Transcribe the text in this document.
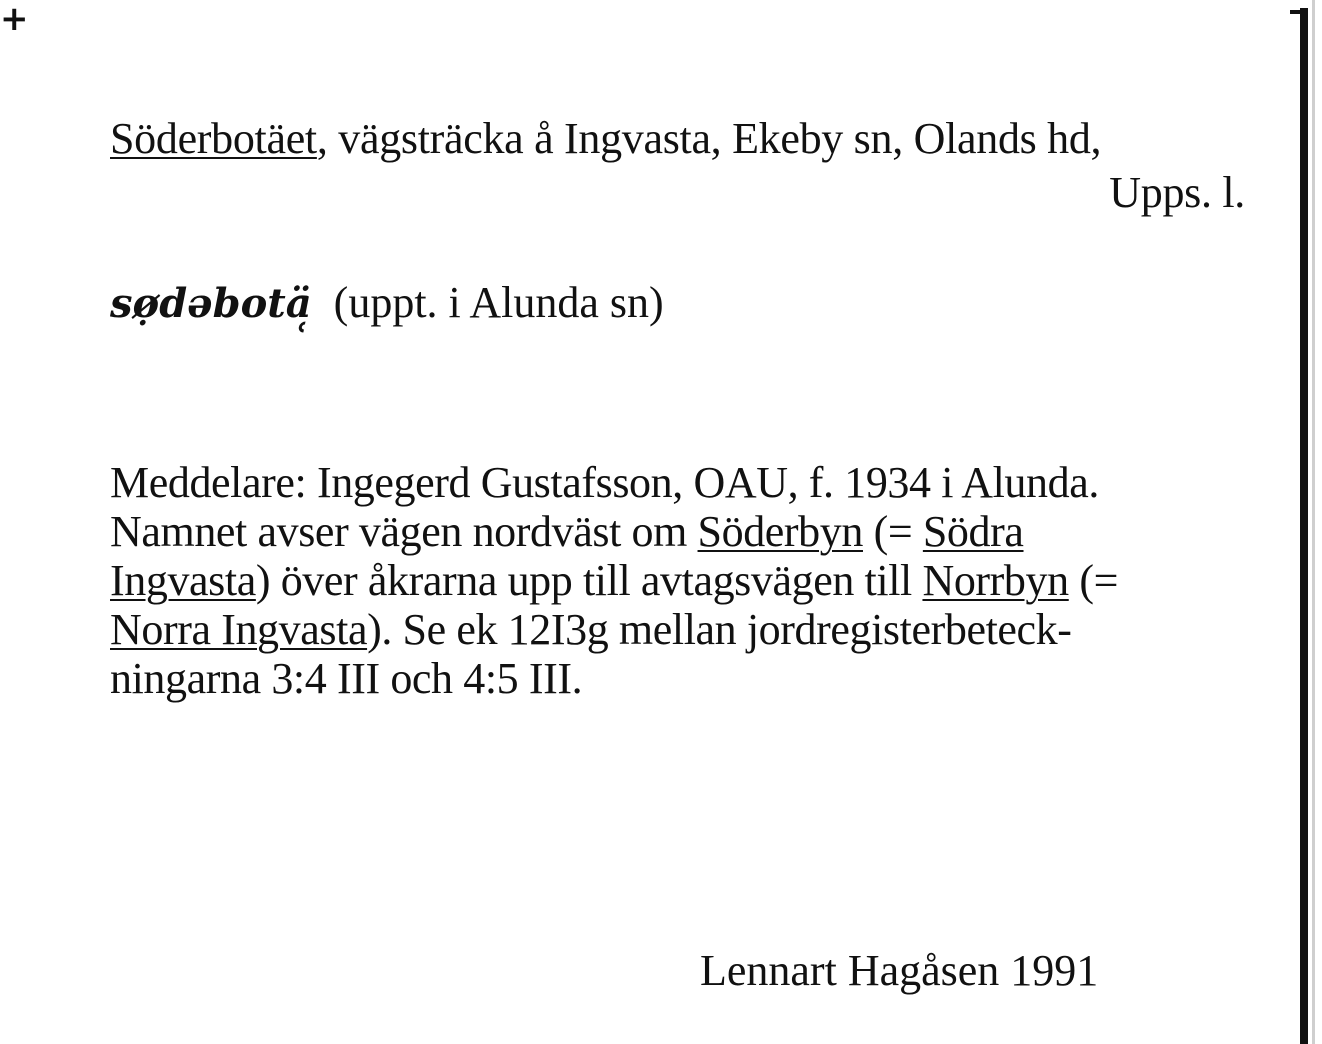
+
Söderbotäet, vägsträcka å Ingvasta, Ekeby sn, Olands hd,
Upps. l.
sø̣dəbotä̜ (uppt. i Alunda sn)
Meddelare: Ingegerd Gustafsson, OAU, f. 1934 i Alunda.
Namnet avser vägen nordväst om Söderbyn (= Södra
Ingvasta) över åkrarna upp till avtagsvägen till Norrbyn (=
Norra Ingvasta). Se ek 12I3g mellan jordregisterbeteck-
ningarna 3:4 III och 4:5 III.
Lennart Hagåsen 1991
